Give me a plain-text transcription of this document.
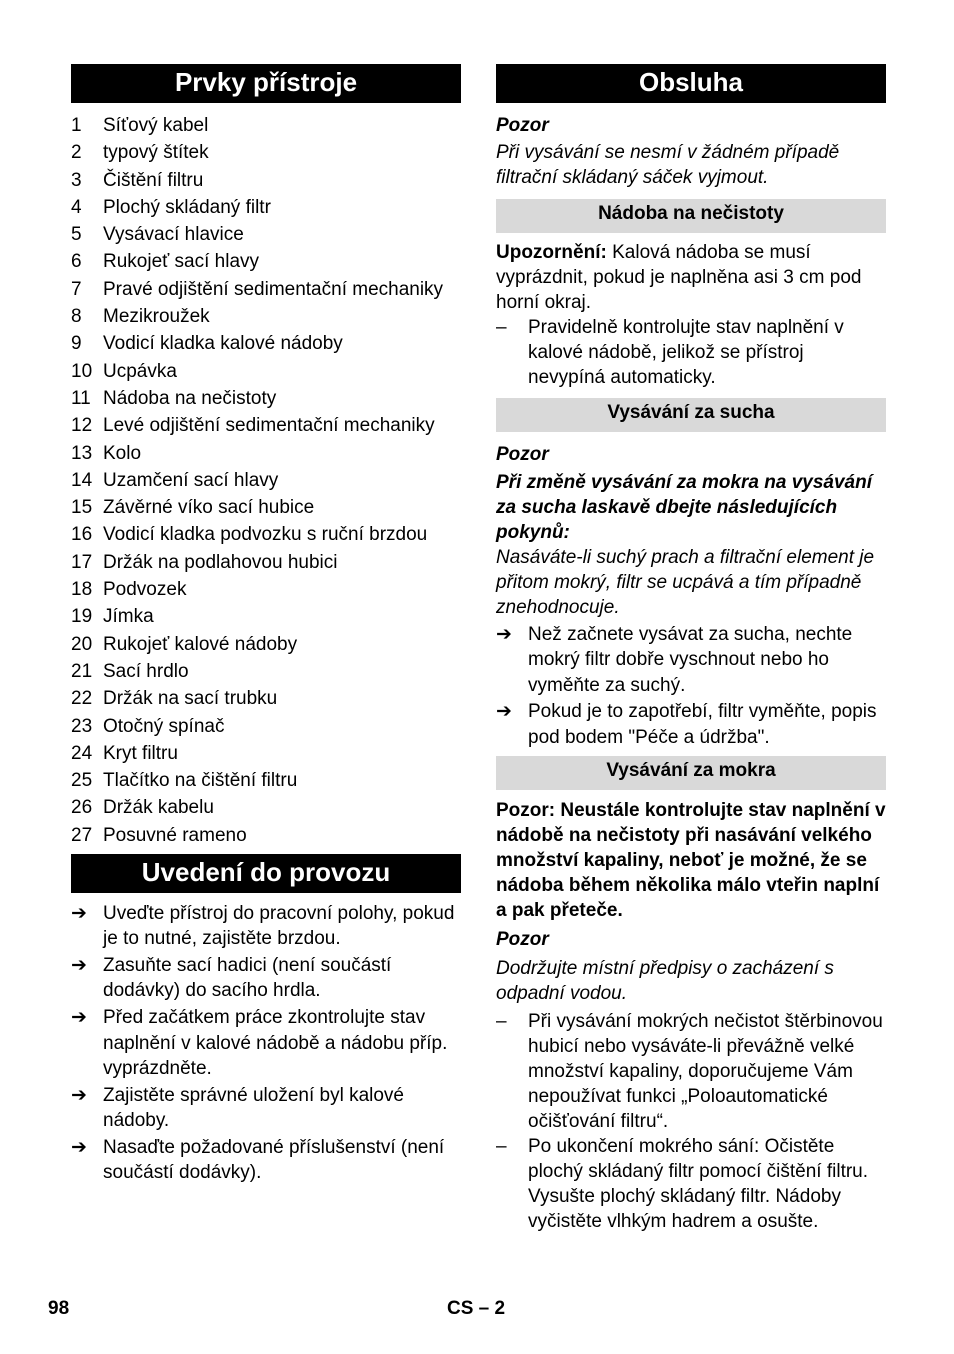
Prvky přístroje
1	Síťový kabel
2	typový štítek
3	Čištění filtru
4	Plochý skládaný filtr
5	Vysávací hlavice
6	Rukojeť sací hlavy
7	Pravé odjištění sedimentační mechaniky
8	Mezikroužek
9	Vodicí kladka kalové nádoby
10 Ucpávka
11 Nádoba na nečistoty
12 Levé odjištění sedimentační mechaniky
13 Kolo
14 Uzamčení sací hlavy
15 Závěrné víko sací hubice
16 Vodicí kladka podvozku s ruční brzdou
17 Držák na podlahovou hubici
18 Podvozek
19 Jímka
20 Rukojeť kalové nádoby
21 Sací hrdlo
22 Držák na sací trubku
23 Otočný spínač
24 Kryt filtru
25 Tlačítko na čištění filtru
26 Držák kabelu
27 Posuvné rameno
Uvedení do provozu
➔ Uveďte přístroj do pracovní polohy, pokud je to nutné, zajistěte brzdou.
➔ Zasuňte sací hadici (není součástí dodávky) do sacího hrdla.
➔ Před začátkem práce zkontrolujte stav naplnění v kalové nádobě a nádobu příp. vyprázdněte.
➔ Zajistěte správné uložení byl kalové nádoby.
➔ Nasaďte požadované příslušenství (není součástí dodávky).
Obsluha
Pozor
Při vysávání se nesmí v žádném případě filtrační skládaný sáček vyjmout.
Nádoba na nečistoty
Upozornění: Kalová nádoba se musí vyprázdnit, pokud je naplněna asi 3 cm pod horní okraj.
–	Pravidelně kontrolujte stav naplnění v kalové nádobě, jelikož se přístroj nevypíná automaticky.
Vysávání za sucha
Pozor
Při změně vysávání za mokra na vysávání za sucha laskavě dbejte následujících pokynů:
Nasáváte-li suchý prach a filtrační element je přitom mokrý, filtr se ucpává a tím případně znehodnocuje.
➔ Než začnete vysávat za sucha, nechte mokrý filtr dobře vyschnout nebo ho vyměňte za suchý.
➔ Pokud je to zapotřebí, filtr vyměňte, popis pod bodem "Péče a údržba".
Vysávání za mokra
Pozor: Neustále kontrolujte stav naplnění v nádobě na nečistoty při nasávání velkého množství kapaliny, neboť je možné, že se nádoba během několika málo vteřin naplní a pak přeteče.
Pozor
Dodržujte místní předpisy o zacházení s odpadní vodou.
–	Při vysávání mokrých nečistot štěrbinovou hubicí nebo vysáváte-li převážně velké množství kapaliny, doporučujeme Vám nepoužívat funkci „Poloautomatické očišťování filtru“.
–	Po ukončení mokrého sání: Očistěte plochý skládaný filtr pomocí čištění filtru. Vysušte plochý skládaný filtr. Nádoby vyčistěte vlhkým hadrem a osušte.
98	CS – 2
